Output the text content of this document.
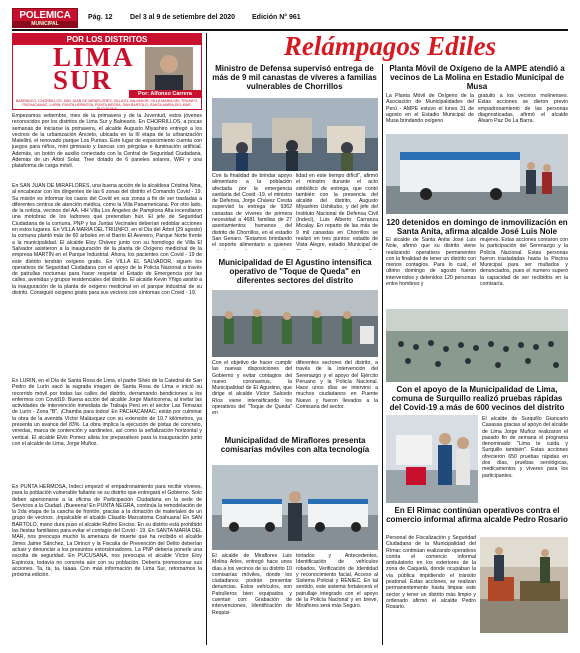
POLEMICA
MUNICIPAL
Pág. 12 Del 3 al 9 de setiembre del 2020 Edición N° 961
POR LOS DISTRITOS
LIMA
SUR	Por: Alfonso Carrera
BARRANCO, CHORRILLOS, SAN JUAN DE MIRAFLORES, VILLA EL SALVADOR, VILLA MARIA DEL TRIUNFO, PACHACAMAC, LURIN, PUNTA HERMOSA, PUNTA NEGRA, SAN BARTOLO, SANTA MARIA DEL MAR, PUCUSANA
Empezamos setiembre, mes de la primavera y de la Juventud, estos jóvenes reconocidos por los distritos de Lima Sur y Balneario. En CHORRILLOS, a pocas semanas de iniciarse la primavera, el alcalde Augusto Miyashiro entregó a los vecinos de la urbanización Ancieto, ubicada en la III etapa de la urbanización Matellini, el renovado parque Los Pumas. Este lugar de esparcimiento cuenta con juegos para niños, mini gimnasio y bancas con pérgolas e iluminación artificial. Además, un botón de auxilio conectado con la Central de Seguridad Ciudadana. Además de un Árbol Solar. Tree dotado de 6 paneles solares, WiFi y una plataforma de carga móvil.
En SAN JUAN DE MIRAFLORES, una buena acción de la alcaldesa Cristina Nina, al encabezar con los dirigentes de las 6 zonas del distrito el Comando Covid - 19. Su misión es informar los casos del Covid en sus zonas a fin de ser trasladas a diferentes centros de atención médica, como la Villa Panamericana. Por otro lado, de la noticia, vecinos del AA. HH Villa Los Ángeles de Pamplona Alta incendiaron una motobrac de los ladrones que pretendían huir. El jefe de Seguridad Ciudadana de la comuna, PNP y las Juntas Vecinales deberían redoblar acciones en estos lugares. En VILLA MARIA DEL TRIUNFO, en el Día del Árbol (29 agosto) la comuna plantó más de 60 árboles en el Barrio El Avenero, Parque Norte frente a la municipalidad. El alcalde Eloy Chávez junto con su homólogo de Villa El Salvador asistieron a la inauguración de la planta de Oxígeno medicinal de la empresa MARTÍN en el Parque Industrial. Ahora, los pacientes con Covid - 19 de este distrito tendrán oxígeno gratis. En VILLA EL SALVADOR, siguen los operativos de Seguridad Ciudadana con el apoyo de la Policía Nacional a través de patrullas nocturnas para hacer respetar el Estado de Emergencia por las calles, avenidas y grupos residenciales del distrito. El alcalde Kevin Yñigo asistió a la inauguración de la planta de oxígeno medicinal en el parque industrial de su distrito. Consiguió oxígeno gratis para sus vecinos con síntomas con Covid - 19.
En LURÍN, en el Día de Santa Rosa de Lima, el padre Silvio de la Catedral de San Pedro de Lurín sacó la sagrada imagen de Santa Rosa de Lima e inició su recorrido móvil por todas las calles del distrito, derramando bendiciones a los enfermos con Covid19. Buena acción del alcalde Jorge Marticorena, al invitar las actividades de intervención inmediata de Trabaja Perú en el sector Las Terrazas de Lurín - Zona "B". ¡Chamba para todos! En PACHACAMAC, están por culminar la obra de la avenida Víctor Malásquez con su extensión de 10.7 kilómetros, ya presenta un avance del 83%. La obra implica la ejecución de pistas de concreto, veredas, marca de contención y sardineles, así como la señalización horizontal y vertical. El alcalde Elvis Pomez alista los preparativos para la inauguración junto con el alcalde de Lima, Jorge Muñoz.
En PUNTA HERMOSA, Indeci empezó el empadronamiento para recibir víveres, para la población vulnerable faltante se su distrito que entregará el Gobierno. Solo deben apersonarse a la oficina de Participación Ciudadana en la sede de Servicios a la Ciudad. ¡Bueeena! En PUNTA NEGRA, continúa la remodelación de la 2da etapa de la cancha de frontón, gracias a la donación de materiales de un grupo de vecinos. ¡Inpalcable el alcalde Claudio Marcatoma Coahuana! En SAN BARTOLO, mano dura puso el alcalde Rufino Enciso. En su distrito está prohibido las fiestas familiares para evitar el contagio del Covid - 19. En SANTA MARÍA DEL MAR, nos preocupa mucho la amenaza de muerte que ha recibido el alcalde Jimes Jaime Sánchez, La Dirincri y la Fiscalía de Prevención del Delito deberían actuar y denunciar a los presuntos extorsionadores. La PNP debería ponerle una escolta de seguridad. En PUCUSANA, nos preocupa el alcalde Víctor Eloy Espinoza, todavía no concreta aún con su población. Debería promocionar sus acciones. Ta, ta, ta, taaaa. Con más información de Lima Sur, retornamos la próxima edición.
Relámpagos Ediles
Ministro de Defensa supervisó entrega de más de 9 mil canastas de víveres a familias vulnerables de Chorrillos
Con la finalidad de brindar apoyo alimentario a la población afectada por la emergencia sanitaria del Covid -19, el ministro de Defensa, Jorge Chávez Cresta supervisó la entrega de 9362 canastas de víveres de primera necesidad a 4681 familias de 27 asentamientos humanos del distrito de Chorrillos, en el estadio San Genaro. "Estamos brindando el soporte alimentario a quienes
lidad en este tiempo difícil", afirmó el ministro durante el acto simbólico de entrega, que contó también con la presencia del alcalde del distrito, Augusto Miyashiro Ushikubo, y del jefe del Instituto Nacional de Defensa Civil (Indeci), Luis Alberto Carranza Micalay. En reparto de las más de 9 mil canastas en Chorrillos se realizó en tres puntos: estadio de Vista Alegre, estadio Municipal de
Planta Móvil de Oxígeno de la AMPE atendió a vecinos de La Molina en Estadio Municipal de Musa
La Planta Móvil de Oxígeno de la Asociación de Municipalidades del Perú - AMPE estuvo el lunes 31 de agosto en el Estadio Municipal de Musa brindando oxígeno
gratuito a los vecinos molinenses. Estas acciones se dieron previo empadronamiento de las personas diagnosticadas, afirmó el alcalde Álvaro Paz De La Barra.
120 detenidos en domingo de inmovilización en Santa Anita, afirma alcalde José Luis Nole
El alcalde de Santa Anita José Luis Nole, afirmó que su distrito viene realizando operativos permanentes con la finalidad de tener un distrito con menos contagios. Para lo cual, el último domingo de agosto fueron intervenidos y detenidos 120 personas entre hombres y
mujeres. Estas acciones contaron con la participación del Serenazgo y la Policía Nacional. Estas personas fueron trasladadas hasta la Piscina Municipal para ser multados y denunciados, pues el numero superó la capacidad de ser recibidos en la comisaría.
Municipalidad de El Agustino intensifica operativo de "Toque de Queda" en diferentes sectores del distrito
Con el objetivo de hacer cumplir las nuevas disposiciones del Gobierno y evitar contagios del nuevo coronavirus, la Municipalidad de El Agustino, que dirige el alcalde Víctor Salcedo Ríos viene intensificando los operativos del "Toque de Queda" en
diferentes sectores del distrito, a través de la intervención del Serenazgo y el apoyo del Ejército Peruano y la Policía Nacional. Hace unos días se intervino a muchos ciudadanos en Puente Nuevo y fueron llevados a la Comisaría del sector.
Con el apoyo de la Municipalidad de Lima, comuna de Surquillo realizó pruebas rápidas del Covid-19 a más de 600 vecinos del distrito
El alcalde de Surquillo Giancarlo Casassa gracias al apoyo del alcalde de Lima Jorge Muñoz realizaron el pasado fin de semana el programa denominado "Lima te cuida y Surquillo también". Estas acciones ofrecieron 650 pruebas rápidas en dos días, pruebas serológicas, medicamentos y víveres para los participantes.
Municipalidad de Miraflores presenta comisarías móviles con alta tecnología
El alcalde de Miraflores Luis Molina Arles, entregó hace unos días a los vecinos de su distrito 10 comisarías móviles, donde los ciudadanos podrán presentar denuncias. Estos vehículos, son Patrulleros bien equipados y cuentan con: Grabación de intervenciones, Identificación de Requisi-
toriados y Antecedentes, Identificación de vehículos robados, Verificación de Identidad y reconocimiento facial, Acceso al Sistema Policial y RENIEC. En tal sentido, este sistema fortalecerá el patrullaje integrado con el apoyo de la Policía Nacional y en breve, Miraflores será más Seguro.
En El Rimac continúan operativos contra el comercio informal afirma alcalde Pedro Rosario
Personal de Fiscalización y Seguridad Ciudadana de la Municipalidad del Rímac continúan realizando operativos contra el comercio informal ambulatorio en los exteriores de la zona de Caquetá, donde ocupaban la vía pública impidiendo el tránsito peatonal. Estas acciones, se realizan permanentemente hasta limpiar este sector y tener un distrito más limpio y ordenado afirmó el alcalde Pedro Rosario.
